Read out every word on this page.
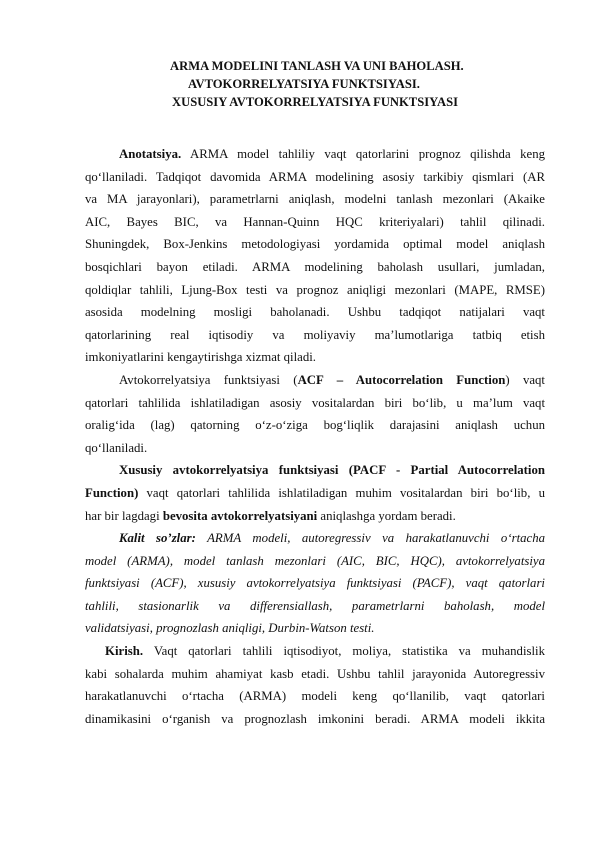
ARMA MODELINI TANLASH VA UNI BAHOLASH.
AVTOKORRELYATSIYA FUNKTSIYASI.
XUSUSIY AVTOKORRELYATSIYA FUNKTSIYASI

Anotatsiya. ARMA model tahliliy vaqt qatorlarini prognoz qilishda keng
qo‘llaniladi. Tadqiqot davomida ARMA modelining asosiy tarkibiy qismlari (AR
va MA jarayonlari), parametrlarni aniqlash, modelni tanlash mezonlari (Akaike
AIC, Bayes BIC, va Hannan-Quinn HQC kriteriyalari) tahlil qilinadi.
Shuningdek, Box-Jenkins metodologiyasi yordamida optimal model aniqlash
bosqichlari bayon etiladi. ARMA modelining baholash usullari, jumladan,
qoldiqlar tahlili, Ljung-Box testi va prognoz aniqligi mezonlari (MAPE, RMSE)
asosida modelning mosligi baholanadi. Ushbu tadqiqot natijalari vaqt
qatorlarining real iqtisodiy va moliyaviy ma’lumotlariga tatbiq etish
imkoniyatlarini kengaytirishga xizmat qiladi.

Avtokorrelyatsiya funktsiyasi (ACF – Autocorrelation Function) vaqt
qatorlari tahlilida ishlatiladigan asosiy vositalardan biri bo‘lib, u ma’lum vaqt
oralig‘ida (lag) qatorning o‘z-o‘ziga bog‘liqlik darajasini aniqlash uchun
qo‘llaniladi.

Xususiy avtokorrelyatsiya funktsiyasi (PACF - Partial Autocorrelation
Function) vaqt qatorlari tahlilida ishlatiladigan muhim vositalardan biri bo‘lib, u
har bir lagdagi bevosita avtokorrelyatsiyani aniqlashga yordam beradi.

Kalit so’zlar: ARMA modeli, autoregressiv va harakatlanuvchi o‘rtacha
model (ARMA), model tanlash mezonlari (AIC, BIC, HQC), avtokorrelyatsiya
funktsiyasi (ACF), xususiy avtokorrelyatsiya funktsiyasi (PACF), vaqt qatorlari
tahlili, stasionarlik va differensiallash, parametrlarni baholash, model
validatsiyasi, prognozlash aniqligi, Durbin-Watson testi.

Kirish. Vaqt qatorlari tahlili iqtisodiyot, moliya, statistika va muhandislik
kabi sohalarda muhim ahamiyat kasb etadi. Ushbu tahlil jarayonida Autoregressiv
harakatlanuvchi o‘rtacha (ARMA) modeli keng qo‘llanilib, vaqt qatorlari
dinamikasini o‘rganish va prognozlash imkonini beradi. ARMA modeli ikkita
